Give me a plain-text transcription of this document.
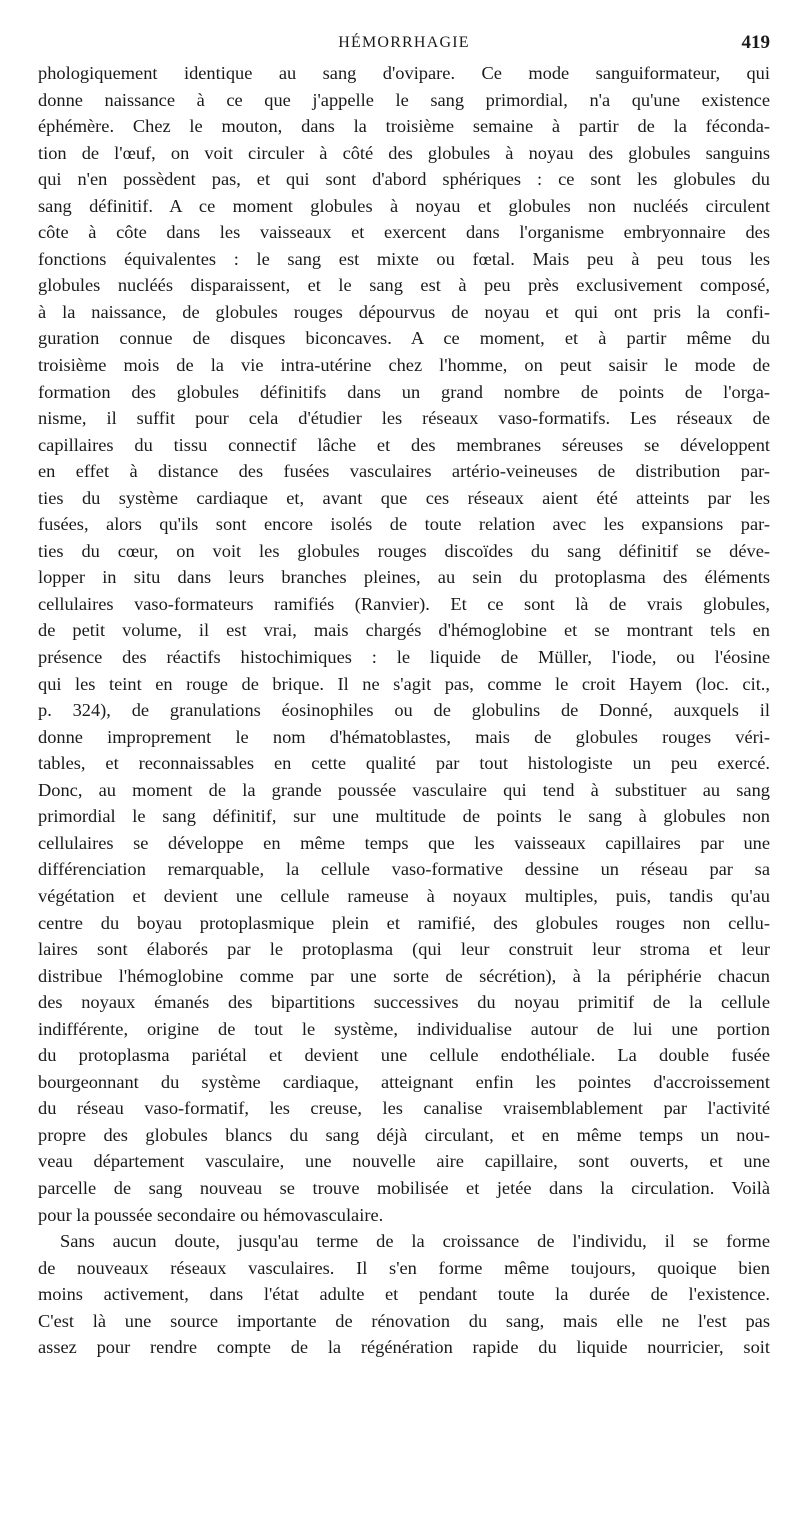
HÉMORRHAGIE	419
phologiquement identique au sang d'ovipare. Ce mode sanguiformateur, qui
donne naissance à ce que j'appelle le sang primordial, n'a qu'une existence
éphémère. Chez le mouton, dans la troisième semaine à partir de la féconda-
tion de l'œuf, on voit circuler à côté des globules à noyau des globules sanguins
qui n'en possèdent pas, et qui sont d'abord sphériques : ce sont les globules du
sang définitif. A ce moment globules à noyau et globules non nucléés circulent
côte à côte dans les vaisseaux et exercent dans l'organisme embryonnaire des
fonctions équivalentes : le sang est mixte ou fœtal. Mais peu à peu tous les
globules nucléés disparaissent, et le sang est à peu près exclusivement composé,
à la naissance, de globules rouges dépourvus de noyau et qui ont pris la confi-
guration connue de disques biconcaves. A ce moment, et à partir même du
troisième mois de la vie intra-utérine chez l'homme, on peut saisir le mode de
formation des globules définitifs dans un grand nombre de points de l'orga-
nisme, il suffit pour cela d'étudier les réseaux vaso-formatifs. Les réseaux de
capillaires du tissu connectif lâche et des membranes séreuses se développent
en effet à distance des fusées vasculaires artério-veineuses de distribution par-
ties du système cardiaque et, avant que ces réseaux aient été atteints par les
fusées, alors qu'ils sont encore isolés de toute relation avec les expansions par-
ties du cœur, on voit les globules rouges discoïdes du sang définitif se déve-
lopper in situ dans leurs branches pleines, au sein du protoplasma des éléments
cellulaires vaso-formateurs ramifiés (Ranvier). Et ce sont là de vrais globules,
de petit volume, il est vrai, mais chargés d'hémoglobine et se montrant tels en
présence des réactifs histochimiques : le liquide de Müller, l'iode, ou l'éosine
qui les teint en rouge de brique. Il ne s'agit pas, comme le croit Hayem (loc. cit.,
p. 324), de granulations éosinophiles ou de globulins de Donné, auxquels il
donne improprement le nom d'hématoblastes, mais de globules rouges véri-
tables, et reconnaissables en cette qualité par tout histologiste un peu exercé.
Donc, au moment de la grande poussée vasculaire qui tend à substituer au sang
primordial le sang définitif, sur une multitude de points le sang à globules non
cellulaires se développe en même temps que les vaisseaux capillaires par une
différenciation remarquable, la cellule vaso-formative dessine un réseau par sa
végétation et devient une cellule rameuse à noyaux multiples, puis, tandis qu'au
centre du boyau protoplasmique plein et ramifié, des globules rouges non cellu-
laires sont élaborés par le protoplasma (qui leur construit leur stroma et leur
distribue l'hémoglobine comme par une sorte de sécrétion), à la périphérie chacun
des noyaux émanés des bipartitions successives du noyau primitif de la cellule
indifférente, origine de tout le système, individualise autour de lui une portion
du protoplasma pariétal et devient une cellule endothéliale. La double fusée
bourgeonnant du système cardiaque, atteignant enfin les pointes d'accroissement
du réseau vaso-formatif, les creuse, les canalise vraisemblablement par l'activité
propre des globules blancs du sang déjà circulant, et en même temps un nou-
veau département vasculaire, une nouvelle aire capillaire, sont ouverts, et une
parcelle de sang nouveau se trouve mobilisée et jetée dans la circulation. Voilà
pour la poussée secondaire ou hémovasculaire.
Sans aucun doute, jusqu'au terme de la croissance de l'individu, il se forme
de nouveaux réseaux vasculaires. Il s'en forme même toujours, quoique bien
moins activement, dans l'état adulte et pendant toute la durée de l'existence.
C'est là une source importante de rénovation du sang, mais elle ne l'est pas
assez pour rendre compte de la régénération rapide du liquide nourricier, soit
